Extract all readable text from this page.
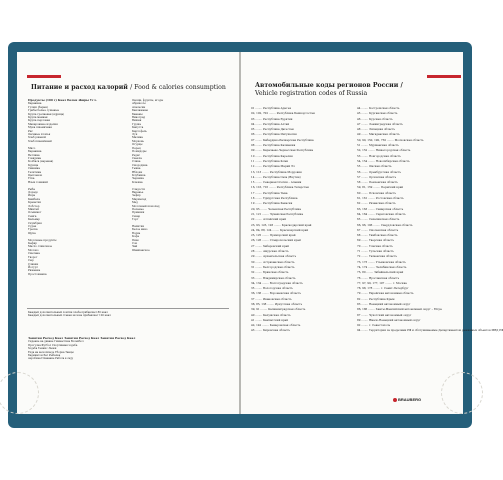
Питание и расход калорий / Food & calories consumption
Продукты (100 г) Ккал Белки Жиры Угл.
Баранина
Гуляш (баран)
Грибы белые сушеные
Крупа гречневая (ядрица)
Крупа манная
Крупа перловая
Макаронные изделия
Мука пшеничная
Рис
Овсяные хлопья
Хлеб ржаной
Хлеб пшеничный

Мясо
Баранина
Ветчина
Говядина
Колбаса (вареная)
Курица
Свинина
Телятина
Цыпленок
Утка
Язык говяжий

Рыба
Дорадо
Икра
Камбала
Креветки
Лобстер
Минтай
Осьминог
Семга
Кальмар
Скумбрия
Судак
Треска
Щука

Молочные продукты
Кефир
Масло сливочное
Молоко
Сметана
Творог
Сыр
Сливки
Йогурт
Ряженка
Простокваша
Овощи, фрукты, ягоды
Абрикосы
Апельсин
Баклажаны
Бананы
Виноград
Вишня
Груша
Капуста
Картофель
Лук
Малина
Морковь
Огурцы
Перец
Помидоры
Редис
Свекла
Слива
Смородина
Тыква
Яблоки
Клубника
Черника
Клюква

Сладости
Варенье
Зефир
Мармелад
Мед
Молочный шоколад
Печенье
Пряники
Сахар
Торт

Напитки
Белое вино
Водка
Кофе
Пиво
Сок
Чай
Шампанское
Каждый дополнительный ломтик хлеба прибавляет 80 ккал
Каждый дополнительный стакан молока прибавляет 120 ккал
Занятия Расход Ккал Занятия Расход Ккал Занятия Расход Ккал
Сидение на диване Гимнастика Волейбол
Прогулка Футбол Спортивная ходьба
Ходьба Теннис Лыжи
Езда на велосипеде Уборка Танцы
Бадминтон Бег Рыбалка
Аэробика Плавание Работа в саду
Автомобильные коды регионов России /
Vehicle registration codes of Russia
01 ........ Республика Адыгея
02, 102, 702 ........ Республика Башкортостан
03 ........ Республика Бурятия
04 ........ Республика Алтай
05 ........ Республика Дагестан
06 ........ Республика Ингушетия
07 ........ Кабардино-Балкарская Республика
08 ........ Республика Калмыкия
09 ........ Карачаево-Черкесская Республика
10 ........ Республика Карелия
11 ........ Республика Коми
12 ........ Республика Марий Эл
13, 113 ........ Республика Мордовия
14 ........ Республика Саха (Якутия)
15 ........ Северная Осетия – Алания
16, 116, 716 ........ Республика Татарстан
17 ........ Республика Тыва
18 ........ Удмуртская Республика
19 ........ Республика Хакасия
20, 95 ........ Чеченская Республика
21, 121 ........ Чувашская Республика
22 ........ Алтайский край
23, 93, 123, 193 ........ Краснодарский край
24, 84, 88, 124 ........ Красноярский край
25, 125 ........ Приморский край
26, 126 ........ Ставропольский край
27 ........ Хабаровский край
28 ........ Амурская область
29 ........ Архангельская область
30 ........ Астраханская область
31 ........ Белгородская область
32 ........ Брянская область
33 ........ Владимирская область
34, 134 ........ Волгоградская область
35 ........ Вологодская область
36, 136 ........ Воронежская область
37 ........ Ивановская область
38, 85, 138 ........ Иркутская область
39, 91 ........ Калининградская область
40 ........ Калужская область
41 ........ Камчатский край
42, 142 ........ Кемеровская область
43 ........ Кировская область
44 ........ Костромская область
45 ........ Курганская область
46 ........ Курская область
47 ........ Ленинградская область
48 ........ Липецкая область
49 ........ Магаданская область
50, 90, 150, 190, 750 ........ Московская область
51 ........ Мурманская область
52, 152 ........ Нижегородская область
53 ........ Новгородская область
54, 154 ........ Новосибирская область
55 ........ Омская область
56 ........ Оренбургская область
57 ........ Орловская область
58 ........ Пензенская область
59, 81, 159 ........ Пермский край
60 ........ Псковская область
61, 161 ........ Ростовская область
62 ........ Рязанская область
63, 163 ........ Самарская область
64, 164 ........ Саратовская область
65 ........ Сахалинская область
66, 96, 196 ........ Свердловская область
67 ........ Смоленская область
68 ........ Тамбовская область
69 ........ Тверская область
70 ........ Томская область
71 ........ Тульская область
72 ........ Тюменская область
73, 173 ........ Ульяновская область
74, 174 ........ Челябинская область
75, 80 ........ Забайкальский край
76 ........ Ярославская область
77, 97, 99, 177, 197 ........ г. Москва
78, 98, 178 ........ г. Санкт-Петербург
79 ........ Еврейская автономная область
82 ........ Республика Крым
83 ........ Ненецкий автономный округ
86, 186 ........ Ханты-Мансийский автономный округ – Югра
87 ........ Чукотский автономный округ
89 ........ Ямало-Ненецкий автономный округ
92 ........ г. Севастополь
94 ........ Территории за пределами РФ и обслуживаемые Департаментом режимных объектов МВД РФ
BRAUBERG
